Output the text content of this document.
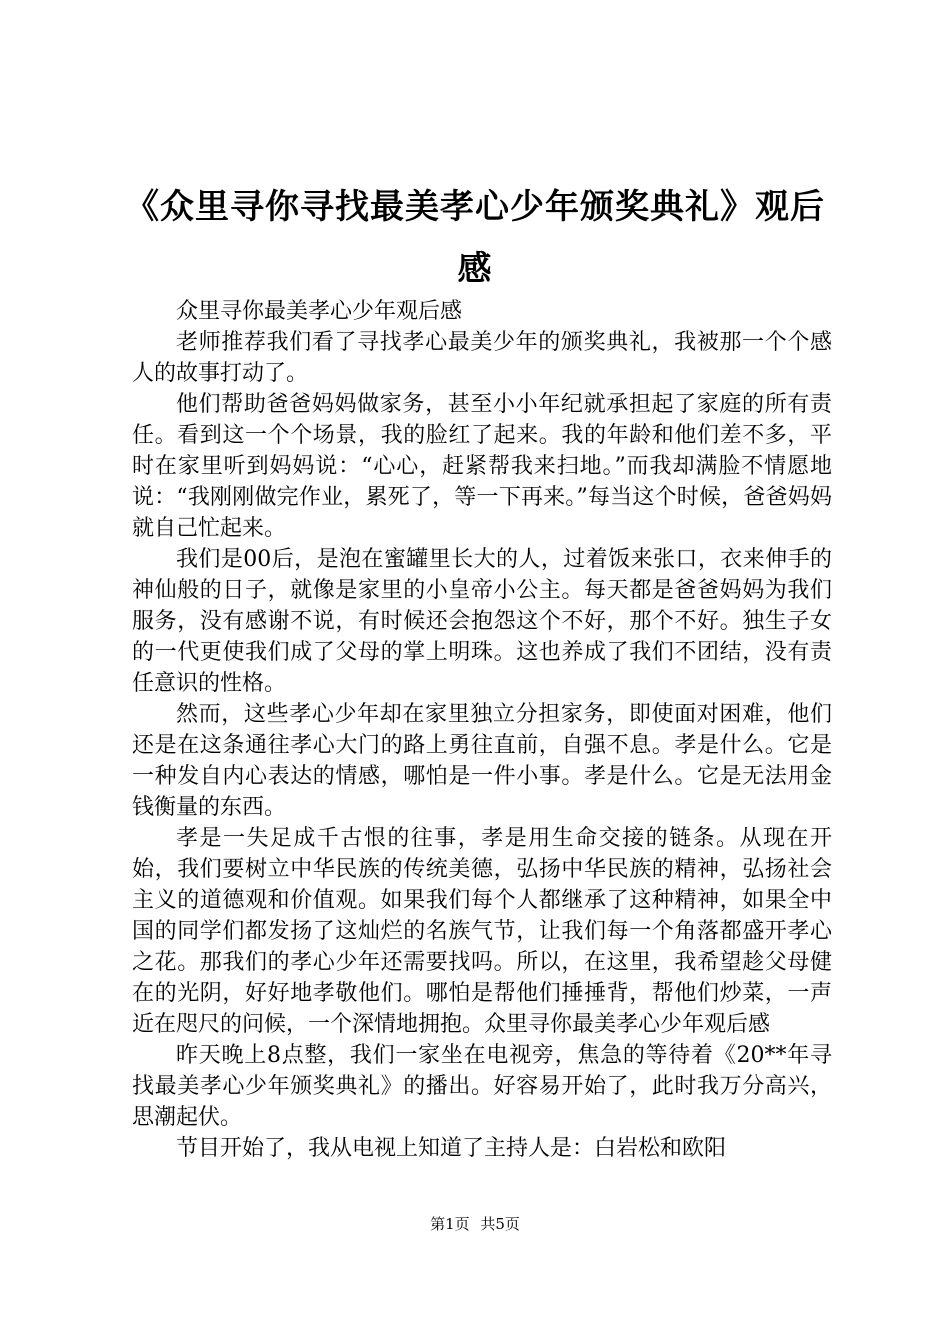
《众里寻你寻找最美孝心少年颁奖典礼》观后感

众里寻你最美孝心少年观后感

老师推荐我们看了寻找孝心最美少年的颁奖典礼，我被那一个个感人的故事打动了。

他们帮助爸爸妈妈做家务，甚至小小年纪就承担起了家庭的所有责任。看到这一个个场景，我的脸红了起来。我的年龄和他们差不多，平时在家里听到妈妈说：“心心，赶紧帮我来扫地。”而我却满脸不情愿地说：“我刚刚做完作业，累死了，等一下再来。”每当这个时候，爸爸妈妈就自己忙起来。

我们是00后，是泡在蜜罐里长大的人，过着饭来张口，衣来伸手的神仙般的日子，就像是家里的小皇帝小公主。每天都是爸爸妈妈为我们服务，没有感谢不说，有时候还会抱怨这个不好，那个不好。独生子女的一代更使我们成了父母的掌上明珠。这也养成了我们不团结，没有责任意识的性格。

然而，这些孝心少年却在家里独立分担家务，即使面对困难，他们还是在这条通往孝心大门的路上勇往直前，自强不息。孝是什么。它是一种发自内心表达的情感，哪怕是一件小事。孝是什么。它是无法用金钱衡量的东西。

孝是一失足成千古恨的往事，孝是用生命交接的链条。从现在开始，我们要树立中华民族的传统美德，弘扬中华民族的精神，弘扬社会主义的道德观和价值观。如果我们每个人都继承了这种精神，如果全中国的同学们都发扬了这灿烂的名族气节，让我们每一个角落都盛开孝心之花。那我们的孝心少年还需要找吗。所以，在这里，我希望趁父母健在的光阴，好好地孝敬他们。哪怕是帮他们捶捶背，帮他们炒菜，一声近在咫尺的问候，一个深情地拥抱。众里寻你最美孝心少年观后感

昨天晚上8点整，我们一家坐在电视旁，焦急的等待着《20**年寻找最美孝心少年颁奖典礼》的播出。好容易开始了，此时我万分高兴，思潮起伏。

节目开始了，我从电视上知道了主持人是：白岩松和欧阳

第1页 共5页
